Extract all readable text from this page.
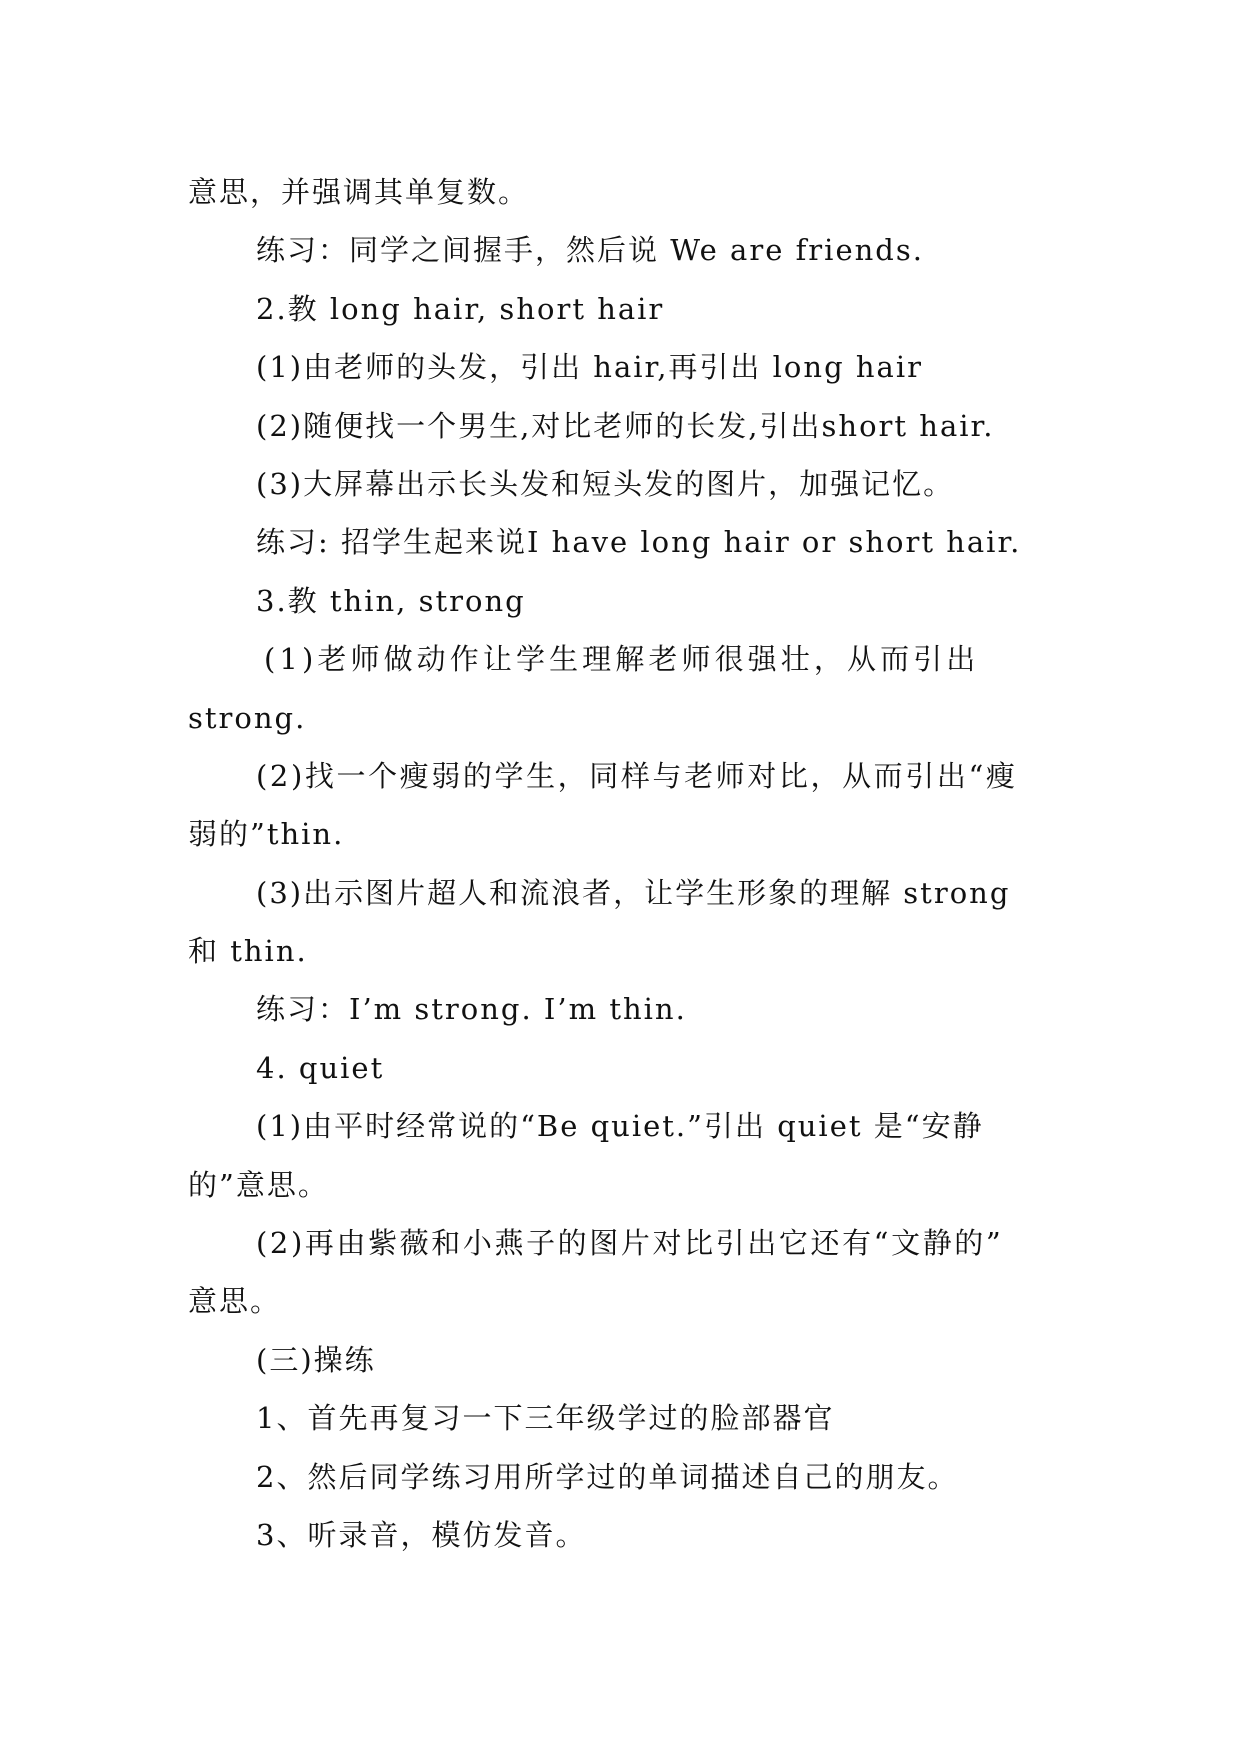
意思，并强调其单复数。
练习：同学之间握手，然后说 We are friends.
2.教 long hair, short hair
(1)由老师的头发，引出 hair,再引出 long hair
(2)随便找一个男生,对比老师的长发,引出short hair.
(3)大屏幕出示长头发和短头发的图片，加强记忆。
练习: 招学生起来说I have long hair or short hair.
3.教 thin, strong
(1)老师做动作让学生理解老师很强壮，从而引出
strong.
(2)找一个瘦弱的学生，同样与老师对比，从而引出“瘦
弱的”thin.
(3)出示图片超人和流浪者，让学生形象的理解 strong
和 thin.
练习：I’m strong. I’m thin.
4. quiet
(1)由平时经常说的“Be quiet.”引出 quiet 是“安静
的”意思。
(2)再由紫薇和小燕子的图片对比引出它还有“文静的”
意思。
(三)操练
1、首先再复习一下三年级学过的脸部器官
2、然后同学练习用所学过的单词描述自己的朋友。
3、听录音，模仿发音。
